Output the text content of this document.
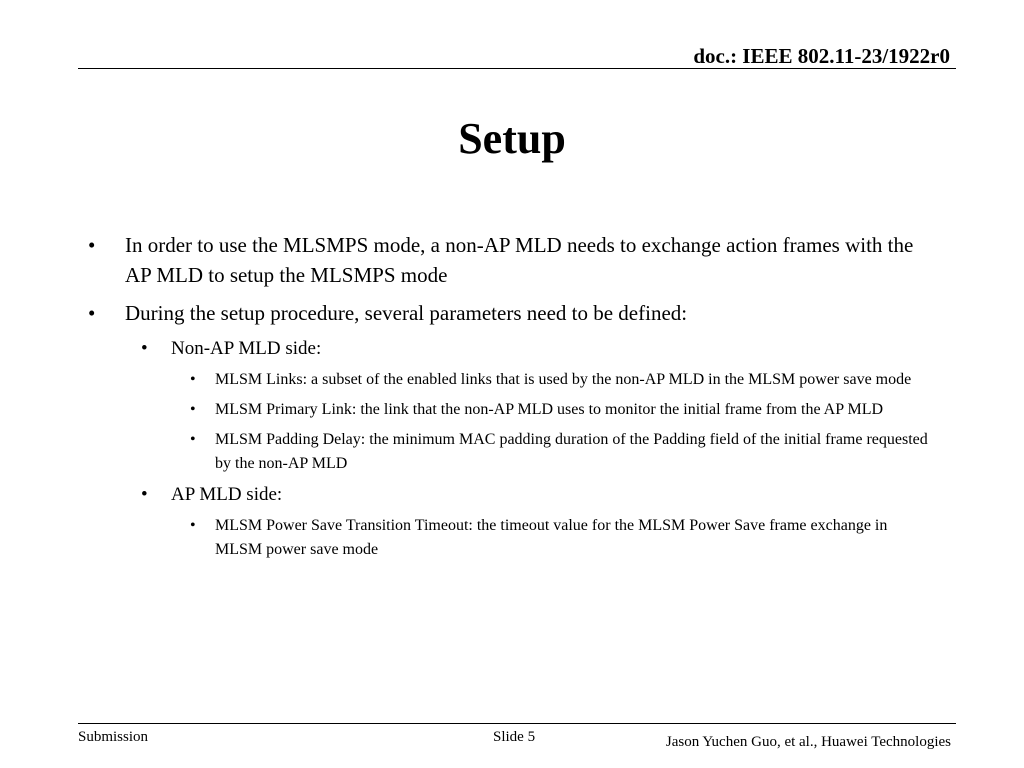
doc.: IEEE 802.11-23/1922r0
Setup
• In order to use the MLSMPS mode, a non-AP MLD needs to exchange action frames with the AP MLD to setup the MLSMPS mode
• During the setup procedure, several parameters need to be defined:
• Non-AP MLD side:
• MLSM Links: a subset of the enabled links that is used by the non-AP MLD in the MLSM power save mode
• MLSM Primary Link: the link that the non-AP MLD uses to monitor the initial frame from the AP MLD
• MLSM Padding Delay: the minimum MAC padding duration of the Padding field of the initial frame requested by the non-AP MLD
• AP MLD side:
• MLSM Power Save Transition Timeout: the timeout value for the MLSM Power Save frame exchange in MLSM power save mode
Submission	Slide 5	Jason Yuchen Guo, et al., Huawei Technologies
